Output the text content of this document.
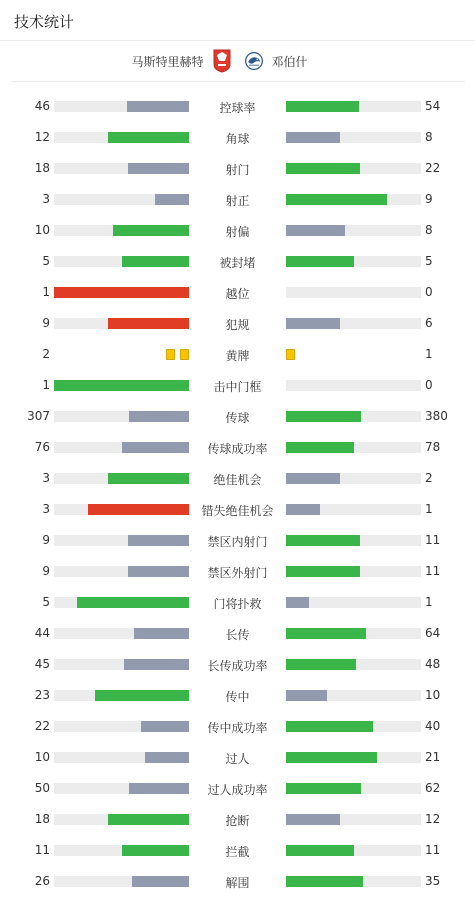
技术统计
马斯特里赫特	邓伯什
46	控球率	54
12	角球	8
18	射门	22
3	射正	9
10	射偏	8
5	被封堵	5
1	越位	0
9	犯规	6
2	黄牌	1
1	击中门框	0
307	传球	380
76	传球成功率	78
3	绝佳机会	2
3	错失绝佳机会	1
9	禁区内射门	11
9	禁区外射门	11
5	门将扑救	1
44	长传	64
45	长传成功率	48
23	传中	10
22	传中成功率	40
10	过人	21
50	过人成功率	62
18	抢断	12
11	拦截	11
26	解围	35
